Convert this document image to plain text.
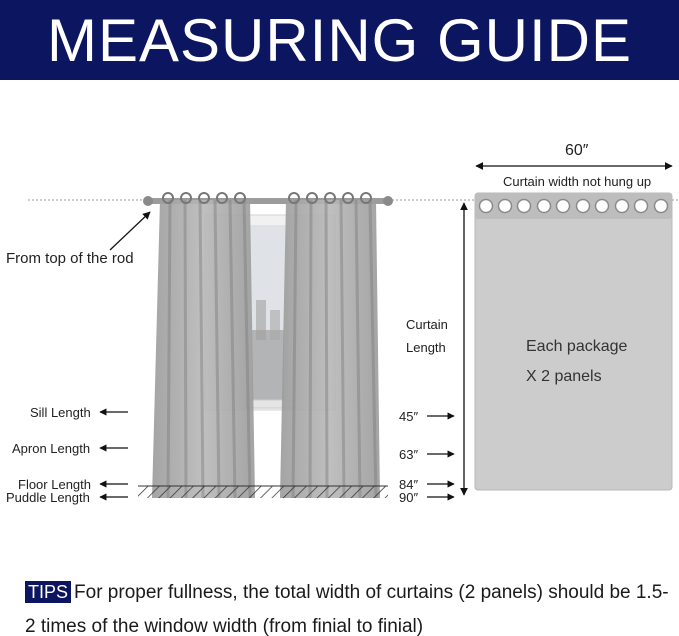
MEASURING GUIDE
From top of the rod
Sill Length
Apron Length
Floor Length
Puddle Length
Curtain
Length
45″
63″
84″
90″
60″
Curtain width not hung up
Each package
X 2 panels
TIPS For proper fullness, the total width of curtains (2 panels) should be 1.5-2 times of the window width (from finial to finial)
